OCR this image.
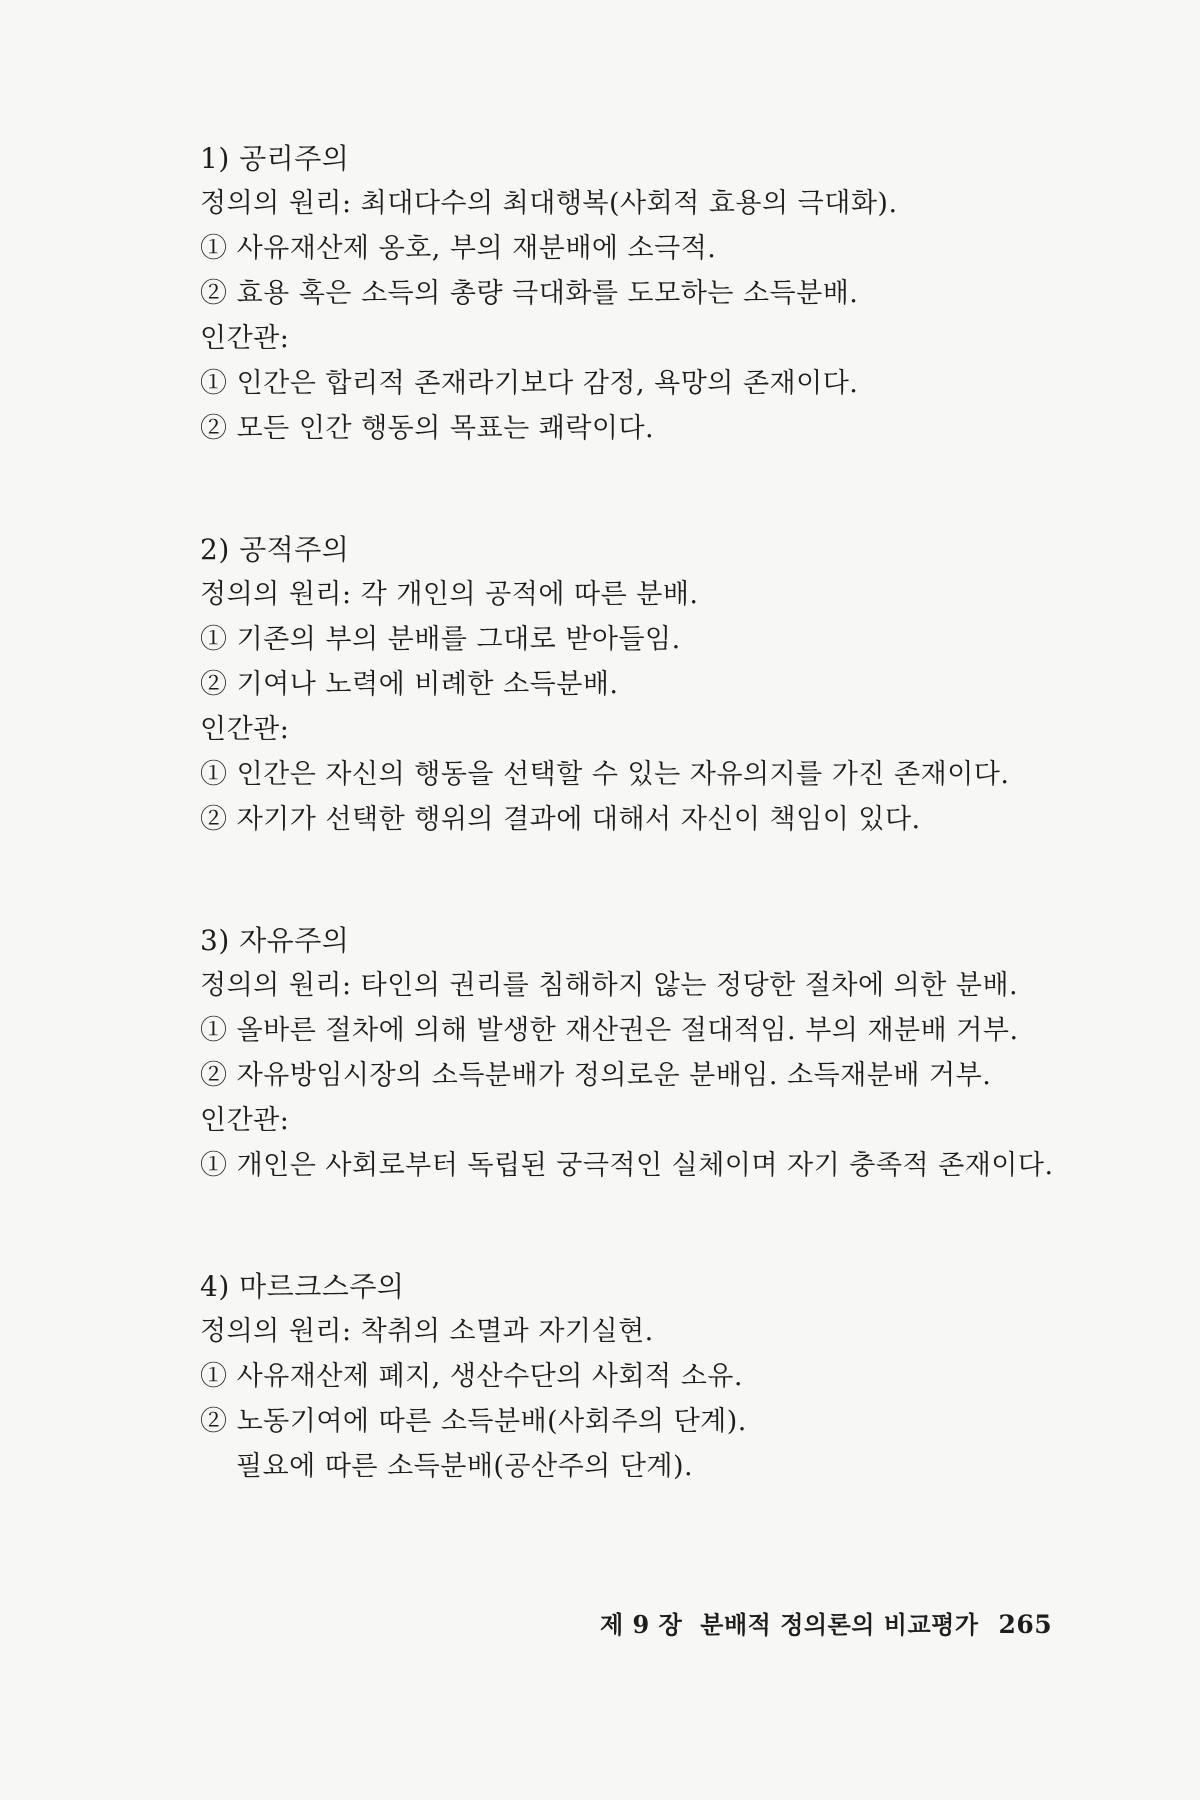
1) 공리주의
정의의 원리: 최대다수의 최대행복(사회적 효용의 극대화).
① 사유재산제 옹호, 부의 재분배에 소극적.
② 효용 혹은 소득의 총량 극대화를 도모하는 소득분배.
인간관:
① 인간은 합리적 존재라기보다 감정, 욕망의 존재이다.
② 모든 인간 행동의 목표는 쾌락이다.
2) 공적주의
정의의 원리: 각 개인의 공적에 따른 분배.
① 기존의 부의 분배를 그대로 받아들임.
② 기여나 노력에 비례한 소득분배.
인간관:
① 인간은 자신의 행동을 선택할 수 있는 자유의지를 가진 존재이다.
② 자기가 선택한 행위의 결과에 대해서 자신이 책임이 있다.
3) 자유주의
정의의 원리: 타인의 권리를 침해하지 않는 정당한 절차에 의한 분배.
① 올바른 절차에 의해 발생한 재산권은 절대적임. 부의 재분배 거부.
② 자유방임시장의 소득분배가 정의로운 분배임. 소득재분배 거부.
인간관:
① 개인은 사회로부터 독립된 궁극적인 실체이며 자기 충족적 존재이다.
4) 마르크스주의
정의의 원리: 착취의 소멸과 자기실현.
① 사유재산제 폐지, 생산수단의 사회적 소유.
② 노동기여에 따른 소득분배(사회주의 단계).
필요에 따른 소득분배(공산주의 단계).
제 9 장 분배적 정의론의 비교평가 265
